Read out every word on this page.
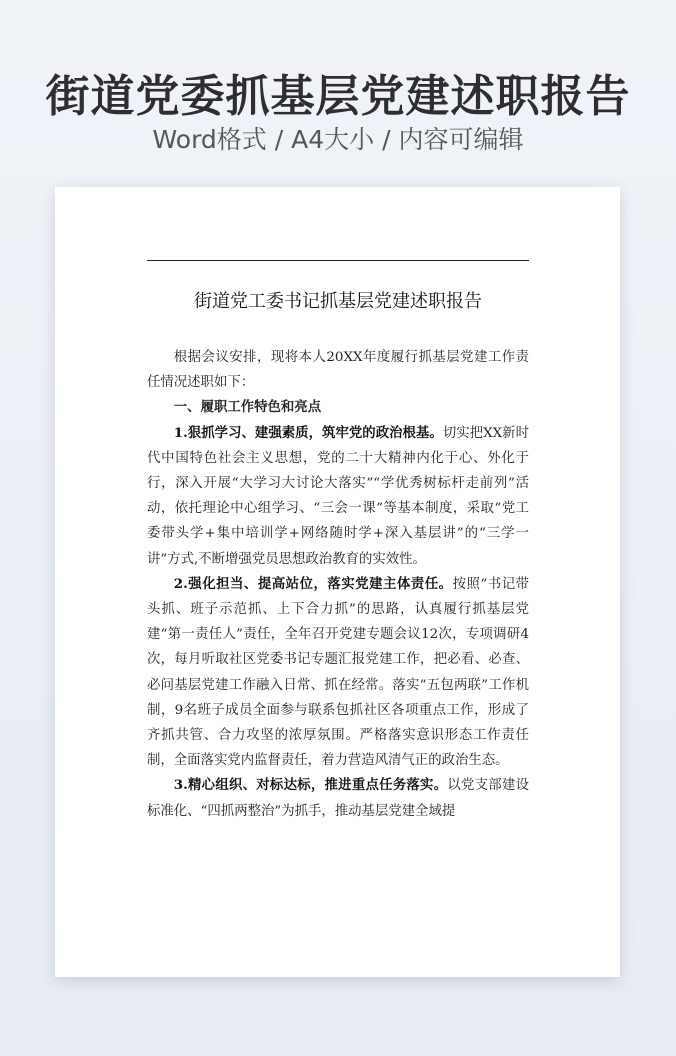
街道党委抓基层党建述职报告
Word格式 / A4大小 / 内容可编辑
街道党工委书记抓基层党建述职报告

根据会议安排，现将本人20XX年度履行抓基层党建工作责任情况述职如下：

一、履职工作特色和亮点

1.狠抓学习、建强素质，筑牢党的政治根基。切实把XX新时代中国特色社会主义思想，党的二十大精神内化于心、外化于行，深入开展“大学习大讨论大落实”“学优秀树标杆走前列”活动，依托理论中心组学习、“三会一课”等基本制度，采取“党工委带头学+集中培训学+网络随时学+深入基层讲”的“三学一讲”方式,不断增强党员思想政治教育的实效性。

2.强化担当、提高站位，落实党建主体责任。按照“书记带头抓、班子示范抓、上下合力抓”的思路，认真履行抓基层党建“第一责任人”责任，全年召开党建专题会议12次，专项调研4次，每月听取社区党委书记专题汇报党建工作，把必看、必查、必问基层党建工作融入日常、抓在经常。落实“五包两联”工作机制，9名班子成员全面参与联系包抓社区各项重点工作，形成了齐抓共管、合力攻坚的浓厚氛围。严格落实意识形态工作责任制，全面落实党内监督责任，着力营造风清气正的政治生态。

3.精心组织、对标达标，推进重点任务落实。以党支部建设标准化、“四抓两整治”为抓手，推动基层党建全域提
